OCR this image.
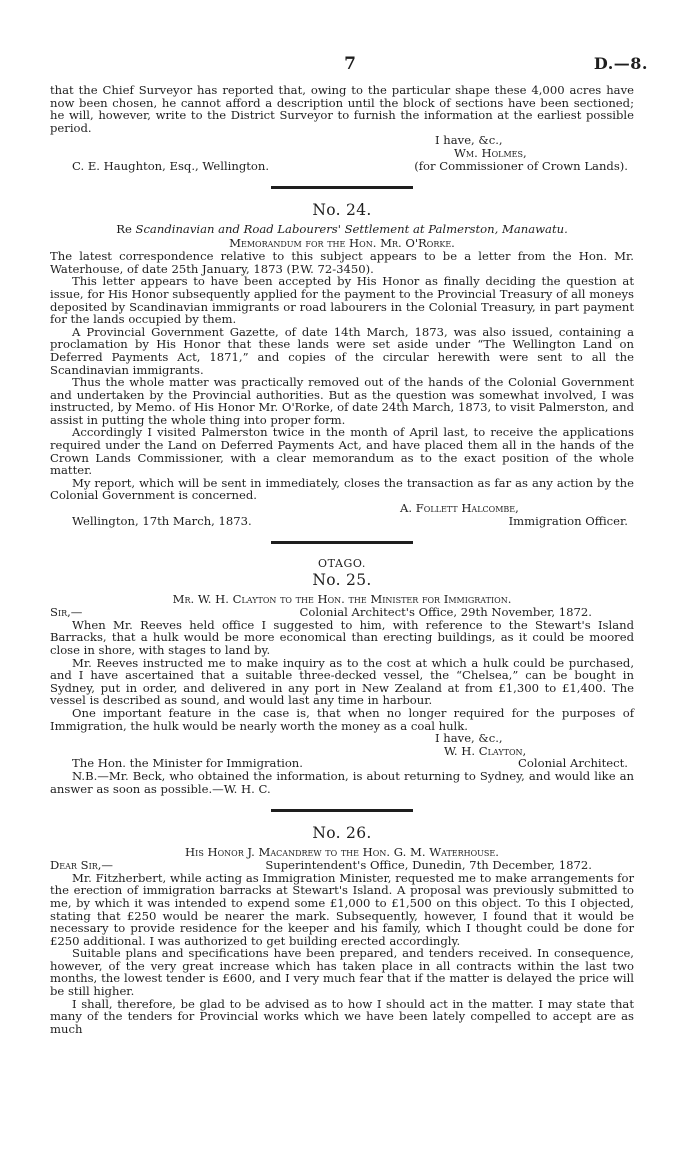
7	D.—8.

that the Chief Surveyor has reported that, owing to the particular shape these 4,000 acres have now been chosen, he cannot afford a description until the block of sections have been sectioned; he will, however, write to the District Surveyor to furnish the information at the earliest possible period.

I have, &c.,

Wm. Holmes,

C. E. Haughton, Esq., Wellington.	(for Commissioner of Crown Lands).
No. 24.
Re Scandinavian and Road Labourers' Settlement at Palmerston, Manawatu.
Memorandum for the Hon. Mr. O'Rorke.

The latest correspondence relative to this subject appears to be a letter from the Hon. Mr. Waterhouse, of date 25th January, 1873 (P.W. 72-3450).

This letter appears to have been accepted by His Honor as finally deciding the question at issue, for His Honor subsequently applied for the payment to the Provincial Treasury of all moneys deposited by Scandinavian immigrants or road labourers in the Colonial Treasury, in part payment for the lands occupied by them.

A Provincial Government Gazette, of date 14th March, 1873, was also issued, containing a proclamation by His Honor that these lands were set aside under “The Wellington Land on Deferred Payments Act, 1871,” and copies of the circular herewith were sent to all the Scandinavian immigrants.

Thus the whole matter was practically removed out of the hands of the Colonial Government and undertaken by the Provincial authorities. But as the question was somewhat involved, I was instructed, by Memo. of His Honor Mr. O'Rorke, of date 24th March, 1873, to visit Palmerston, and assist in putting the whole thing into proper form.

Accordingly I visited Palmerston twice in the month of April last, to receive the applications required under the Land on Deferred Payments Act, and have placed them all in the hands of the Crown Lands Commissioner, with a clear memorandum as to the exact position of the whole matter.

My report, which will be sent in immediately, closes the transaction as far as any action by the Colonial Government is concerned.

A. Follett Halcombe,

Wellington, 17th March, 1873.	Immigration Officer.
OTAGO.
No. 25.
Mr. W. H. Clayton to the Hon. the Minister for Immigration.
Sir,—	Colonial Architect's Office, 29th November, 1872.

When Mr. Reeves held office I suggested to him, with reference to the Stewart's Island Barracks, that a hulk would be more economical than erecting buildings, as it could be moored close in shore, with stages to land by.

Mr. Reeves instructed me to make inquiry as to the cost at which a hulk could be purchased, and I have ascertained that a suitable three-decked vessel, the “Chelsea,” can be bought in Sydney, put in order, and delivered in any port in New Zealand at from £1,300 to £1,400. The vessel is described as sound, and would last any time in harbour.

One important feature in the case is, that when no longer required for the purposes of Immigration, the hulk would be nearly worth the money as a coal hulk.

I have, &c.,

W. H. Clayton,

The Hon. the Minister for Immigration.	Colonial Architect.

N.B.—Mr. Beck, who obtained the information, is about returning to Sydney, and would like an answer as soon as possible.—W. H. C.

No. 26.
His Honor J. Macandrew to the Hon. G. M. Waterhouse.
Dear Sir,—	Superintendent's Office, Dunedin, 7th December, 1872.

Mr. Fitzherbert, while acting as Immigration Minister, requested me to make arrangements for the erection of immigration barracks at Stewart's Island. A proposal was previously submitted to me, by which it was intended to expend some £1,000 to £1,500 on this object. To this I objected, stating that £250 would be nearer the mark. Subsequently, however, I found that it would be necessary to provide residence for the keeper and his family, which I thought could be done for £250 additional. I was authorized to get building erected accordingly.

Suitable plans and specifications have been prepared, and tenders received. In consequence, however, of the very great increase which has taken place in all contracts within the last two months, the lowest tender is £600, and I very much fear that if the matter is delayed the price will be still higher.

I shall, therefore, be glad to be advised as to how I should act in the matter. I may state that many of the tenders for Provincial works which we have been lately compelled to accept are as much
